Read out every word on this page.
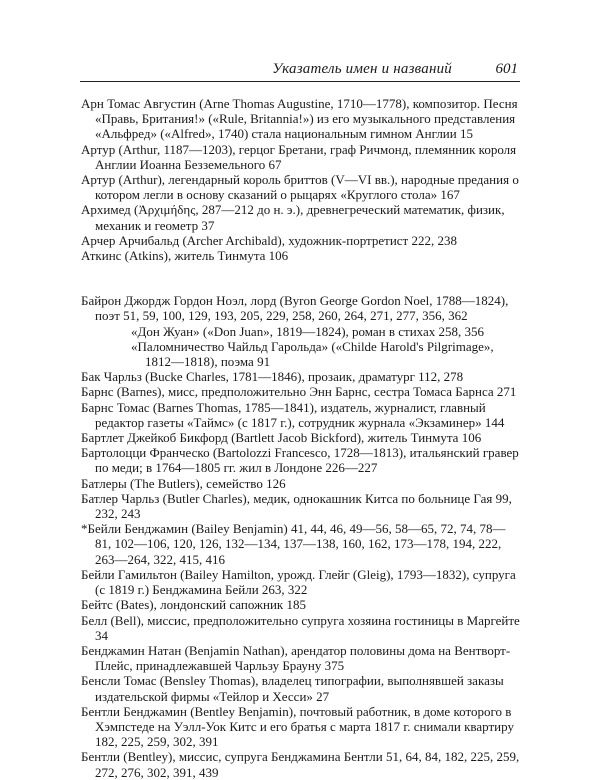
Указатель имен и названий	601
Арн Томас Августин (Arne Thomas Augustine, 1710—1778), композитор. Песня «Правь, Британия!» («Rule, Britannia!») из его музыкального представления «Альфред» («Alfred», 1740) стала национальным гимном Англии 15
Артур (Arthur, 1187—1203), герцог Бретани, граф Ричмонд, племянник короля Англии Иоанна Безземельного 67
Артур (Arthur), легендарный король бриттов (V—VI вв.), народные предания о котором легли в основу сказаний о рыцарях «Круглого стола» 167
Архимед (Ἀρχιμήδης, 287—212 до н. э.), древнегреческий математик, физик, механик и геометр 37
Арчер Арчибальд (Archer Archibald), художник-портретист 222, 238
Аткинс (Atkins), житель Тинмута 106
Байрон Джордж Гордон Ноэл, лорд (Byron George Gordon Noel, 1788—1824), поэт 51, 59, 100, 129, 193, 205, 229, 258, 260, 264, 271, 277, 356, 362
«Дон Жуан» («Don Juan», 1819—1824), роман в стихах 258, 356
«Паломничество Чайльд Гарольда» («Childe Harold's Pilgrimage», 1812—1818), поэма 91
Бак Чарльз (Bucke Charles, 1781—1846), прозаик, драматург 112, 278
Барнс (Barnes), мисс, предположительно Энн Барнс, сестра Томаса Барнса 271
Барнс Томас (Barnes Thomas, 1785—1841), издатель, журналист, главный редактор газеты «Таймс» (с 1817 г.), сотрудник журнала «Экзаминер» 144
Бартлет Джейкоб Бикфорд (Bartlett Jacob Bickford), житель Тинмута 106
Бартолоцци Франческо (Bartolozzi Francesco, 1728—1813), итальянский гравер по меди; в 1764—1805 гг. жил в Лондоне 226—227
Батлеры (The Butlers), семейство 126
Батлер Чарльз (Butler Charles), медик, однокашник Китса по больнице Гая 99, 232, 243
*Бейли Бенджамин (Bailey Benjamin) 41, 44, 46, 49—56, 58—65, 72, 74, 78—81, 102—106, 120, 126, 132—134, 137—138, 160, 162, 173—178, 194, 222, 263—264, 322, 415, 416
Бейли Гамильтон (Bailey Hamilton, урожд. Глейг (Gleig), 1793—1832), супруга (с 1819 г.) Бенджамина Бейли 263, 322
Бейтс (Bates), лондонский сапожник 185
Белл (Bell), миссис, предположительно супруга хозяина гостиницы в Маргейте 34
Бенджамин Натан (Benjamin Nathan), арендатор половины дома на Вентворт-Плейс, принадлежавшей Чарльзу Брауну 375
Бенсли Томас (Bensley Thomas), владелец типографии, выполнявшей заказы издательской фирмы «Тейлор и Хесси» 27
Бентли Бенджамин (Bentley Benjamin), почтовый работник, в доме которого в Хэмпстеде на Уэлл-Уок Китс и его братья с марта 1817 г. снимали квартиру 182, 225, 259, 302, 391
Бентли (Bentley), миссис, супруга Бенджамина Бентли 51, 64, 84, 182, 225, 259, 272, 276, 302, 391, 439
